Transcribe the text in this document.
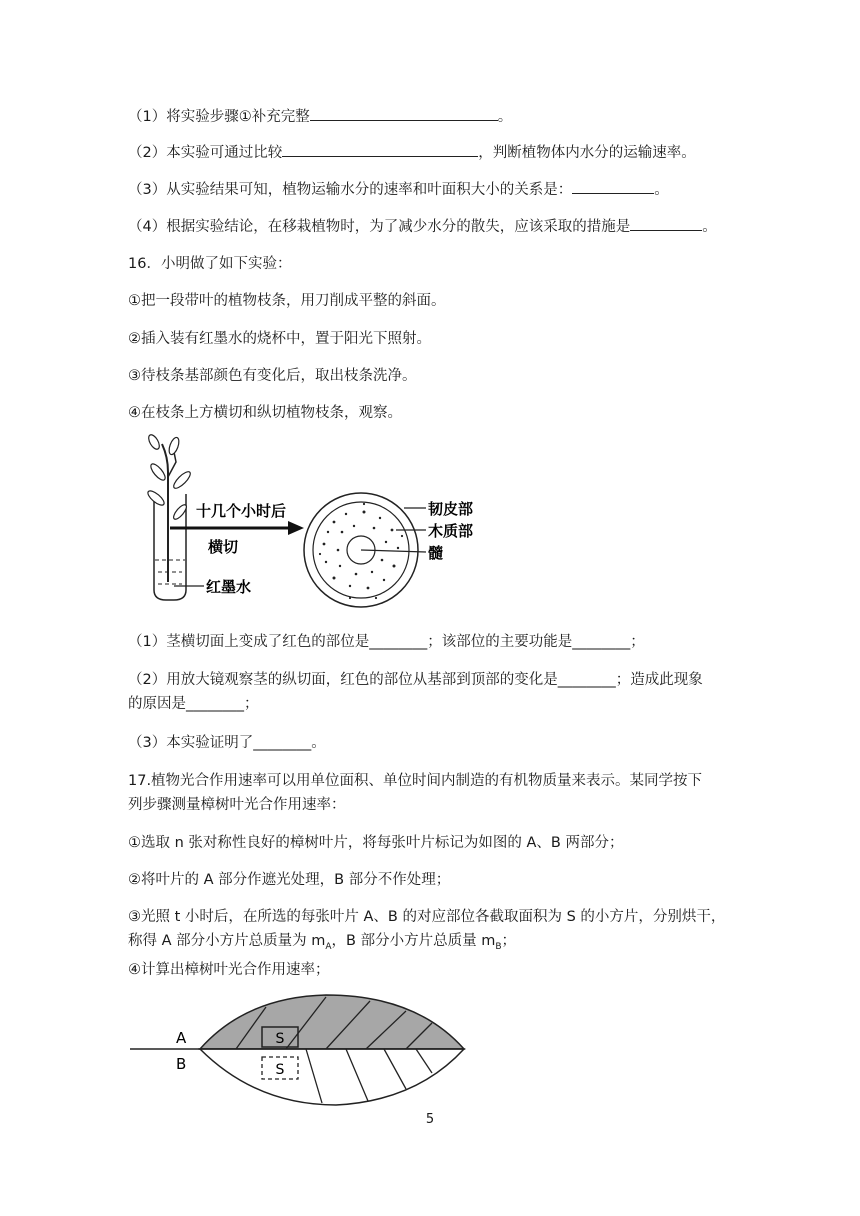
（1）将实验步骤①补充完整	。
（2）本实验可通过比较	，判断植物体内水分的运输速率。
（3）从实验结果可知，植物运输水分的速率和叶面积大小的关系是：	。
（4）根据实验结论，在移栽植物时，为了减少水分的散失，应该采取的措施是	。
16．小明做了如下实验：
①把一段带叶的植物枝条，用刀削成平整的斜面。
②插入装有红墨水的烧杯中，置于阳光下照射。
③待枝条基部颜色有变化后，取出枝条洗净。
④在枝条上方横切和纵切植物枝条，观察。
红墨水
十几个小时后
横切
韧皮部
木质部
髓
（1）茎横切面上变成了红色的部位是________；该部位的主要功能是________；
（2）用放大镜观察茎的纵切面，红色的部位从基部到顶部的变化是________；造成此现象
的原因是________；
（3）本实验证明了________。
17.植物光合作用速率可以用单位面积、单位时间内制造的有机物质量来表示。某同学按下
列步骤测量樟树叶光合作用速率：
①选取 n 张对称性良好的樟树叶片，将每张叶片标记为如图的 A、B 两部分；
②将叶片的 A 部分作遮光处理，B 部分不作处理；
③光照 t 小时后，在所选的每张叶片 A、B 的对应部位各截取面积为 S 的小方片，分别烘干，
称得 A 部分小方片总质量为 $m_A$，B 部分小方片总质量 $m_B$；
④计算出樟树叶光合作用速率；
S
S
A
B
5
